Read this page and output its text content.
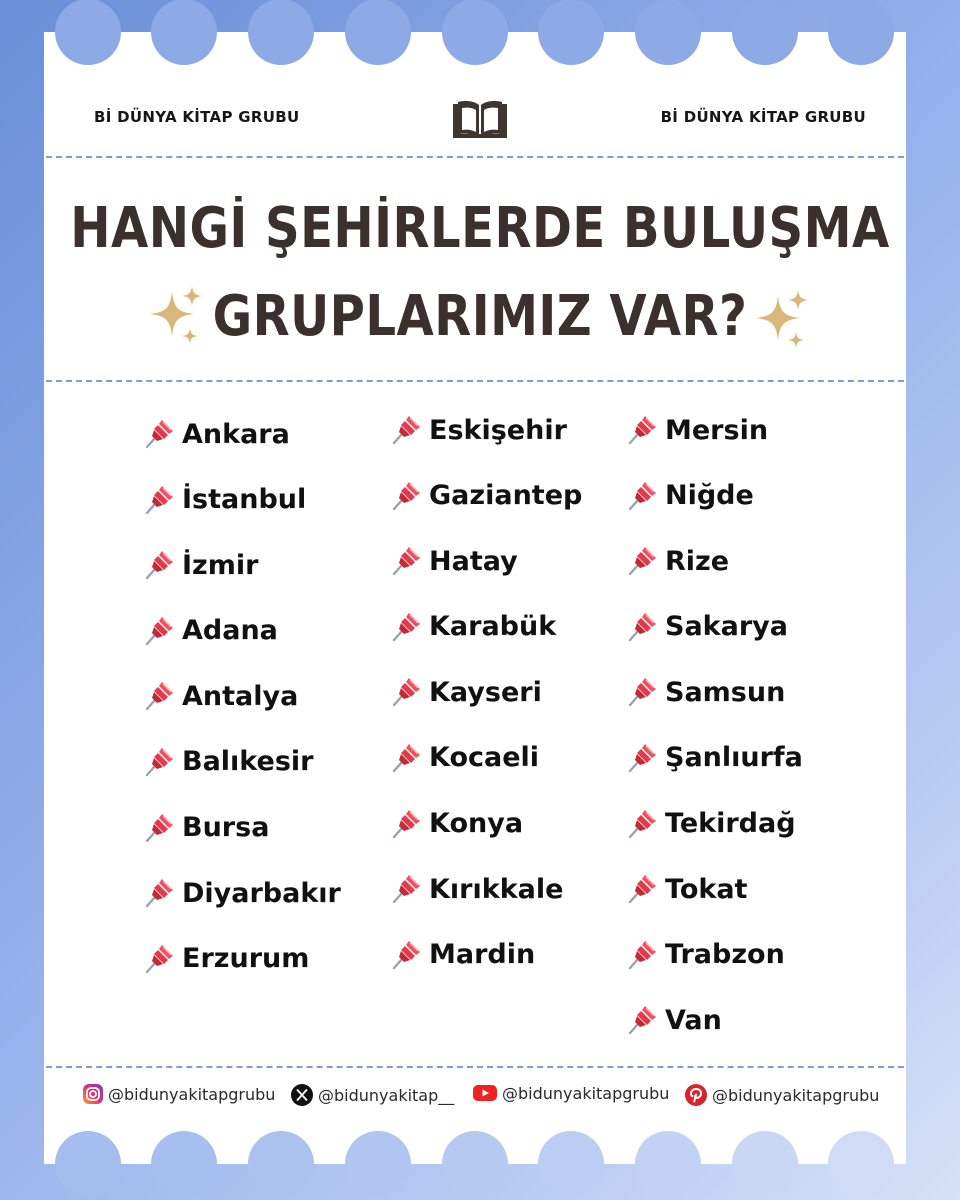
Bİ DÜNYA KİTAP GRUBU	Bİ DÜNYA KİTAP GRUBU
HANGİ ŞEHİRLERDE BULUŞMA
GRUPLARIMIZ VAR?
Ankara
İstanbul
İzmir
Adana
Antalya
Balıkesir
Bursa
Diyarbakır
Erzurum
Eskişehir
Gaziantep
Hatay
Karabük
Kayseri
Kocaeli
Konya
Kırıkkale
Mardin
Mersin
Niğde
Rize
Sakarya
Samsun
Şanlıurfa
Tekirdağ
Tokat
Trabzon
Van
@bidunyakitapgrubu	@bidunyakitap__	@bidunyakitapgrubu	@bidunyakitapgrubu
